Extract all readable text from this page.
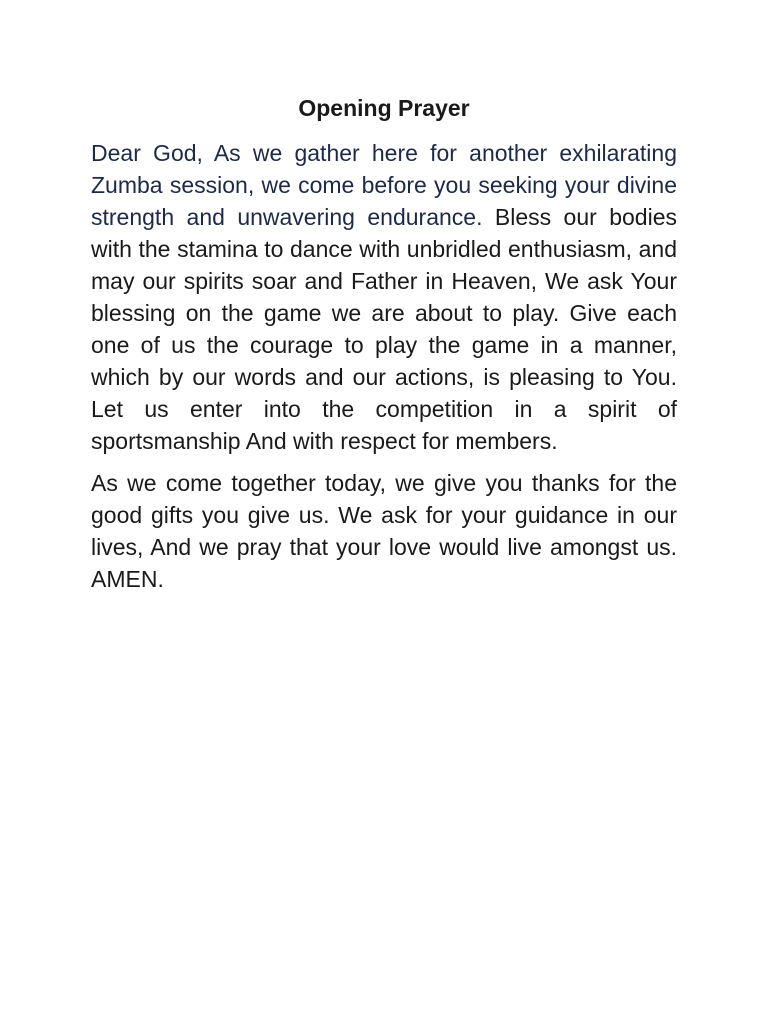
Opening Prayer

Dear God, As we gather here for another exhilarating Zumba session, we come before you seeking your divine strength and unwavering endurance. Bless our bodies with the stamina to dance with unbridled enthusiasm, and may our spirits soar and Father in Heaven, We ask Your blessing on the game we are about to play. Give each one of us the courage to play the game in a manner, which by our words and our actions, is pleasing to You. Let us enter into the competition in a spirit of sportsmanship And with respect for members.

As we come together today, we give you thanks for the good gifts you give us. We ask for your guidance in our lives, And we pray that your love would live amongst us. AMEN.
